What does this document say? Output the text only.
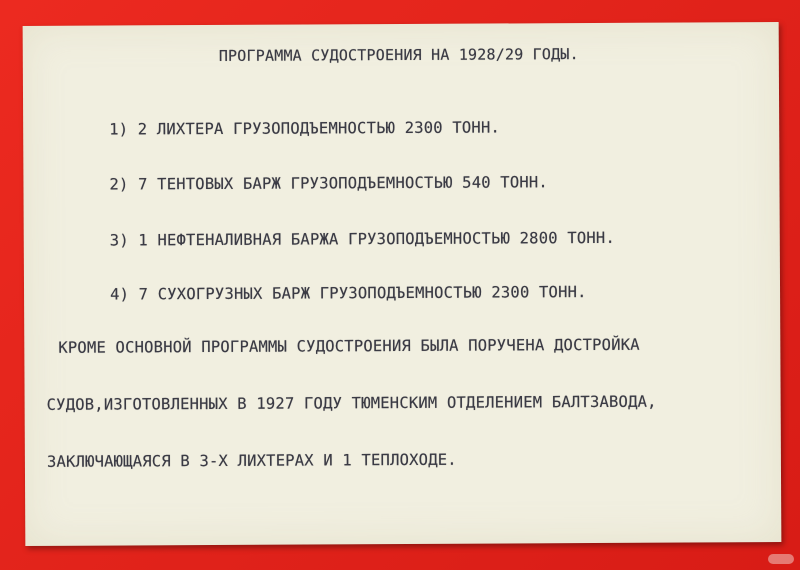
ПРОГРАММА СУДОСТРОЕНИЯ НА 1928/29 ГОДЫ.
1) 2 ЛИХТЕРА ГРУЗОПОДЪЕМНОСТЬЮ 2300 ТОНН.
2) 7 ТЕНТОВЫХ БАРЖ ГРУЗОПОДЪЕМНОСТЬЮ 540 ТОНН.
3) 1 НЕФТЕНАЛИВНАЯ БАРЖА ГРУЗОПОДЪЕМНОСТЬЮ 2800 ТОНН.
4) 7 СУХОГРУЗНЫХ БАРЖ ГРУЗОПОДЪЕМНОСТЬЮ 2300 ТОНН.
КРОМЕ ОСНОВНОЙ ПРОГРАММЫ СУДОСТРОЕНИЯ БЫЛА ПОРУЧЕНА ДОСТРОЙКА
СУДОВ,ИЗГОТОВЛЕННЫХ В 1927 ГОДУ ТЮМЕНСКИМ ОТДЕЛЕНИЕМ БАЛТЗАВОДА,
ЗАКЛЮЧАЮЩАЯСЯ В 3-Х ЛИХТЕРАХ И 1 ТЕПЛОХОДЕ.
